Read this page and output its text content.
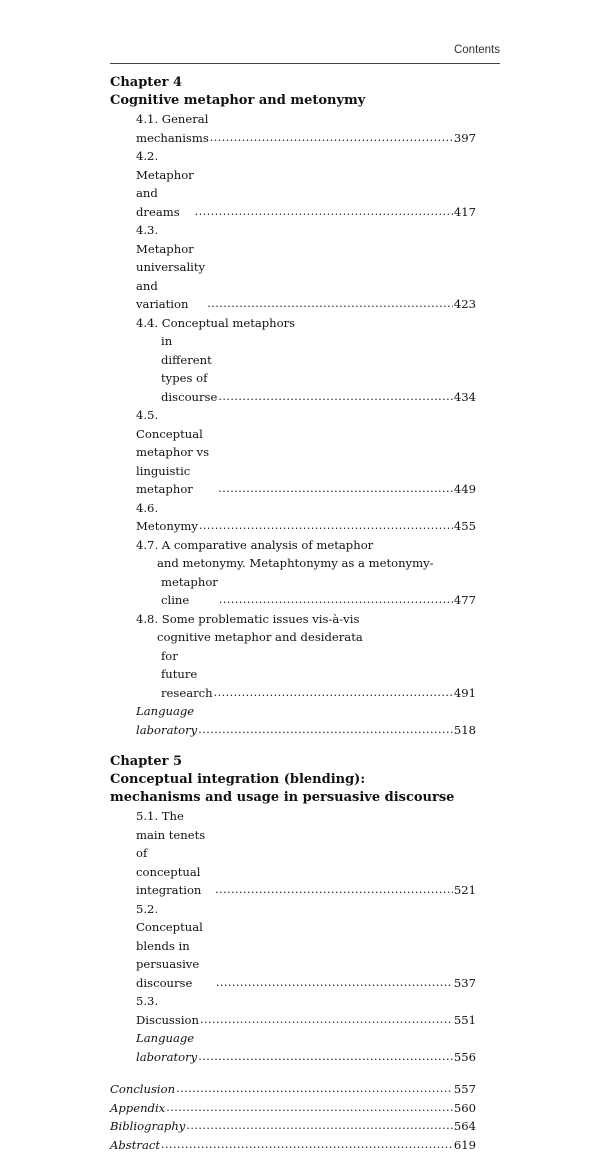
Contents
Chapter 4
Cognitive metaphor and metonymy
4.1. General mechanisms .....	397
4.2. Metaphor and dreams .....	417
4.3. Metaphor universality and variation .....	423
4.4. Conceptual metaphors
in different types of discourse .....	434
4.5. Conceptual metaphor vs linguistic metaphor .....	449
4.6. Metonymy .....	455
4.7. A comparative analysis of metaphor
and metonymy. Metaphtonymy as a metonymy-
metaphor cline .....	477
4.8. Some problematic issues vis-à-vis
cognitive metaphor and desiderata
for future research .....	491
Language laboratory .....	518
Chapter 5
Conceptual integration (blending):
mechanisms and usage in persuasive discourse
5.1. The main tenets of conceptual integration .....	521
5.2. Conceptual blends in persuasive discourse .....	537
5.3. Discussion .....	551
Language laboratory .....	556
Conclusion .....	557
Appendix .....	560
Bibliography .....	564
Abstract .....	619
